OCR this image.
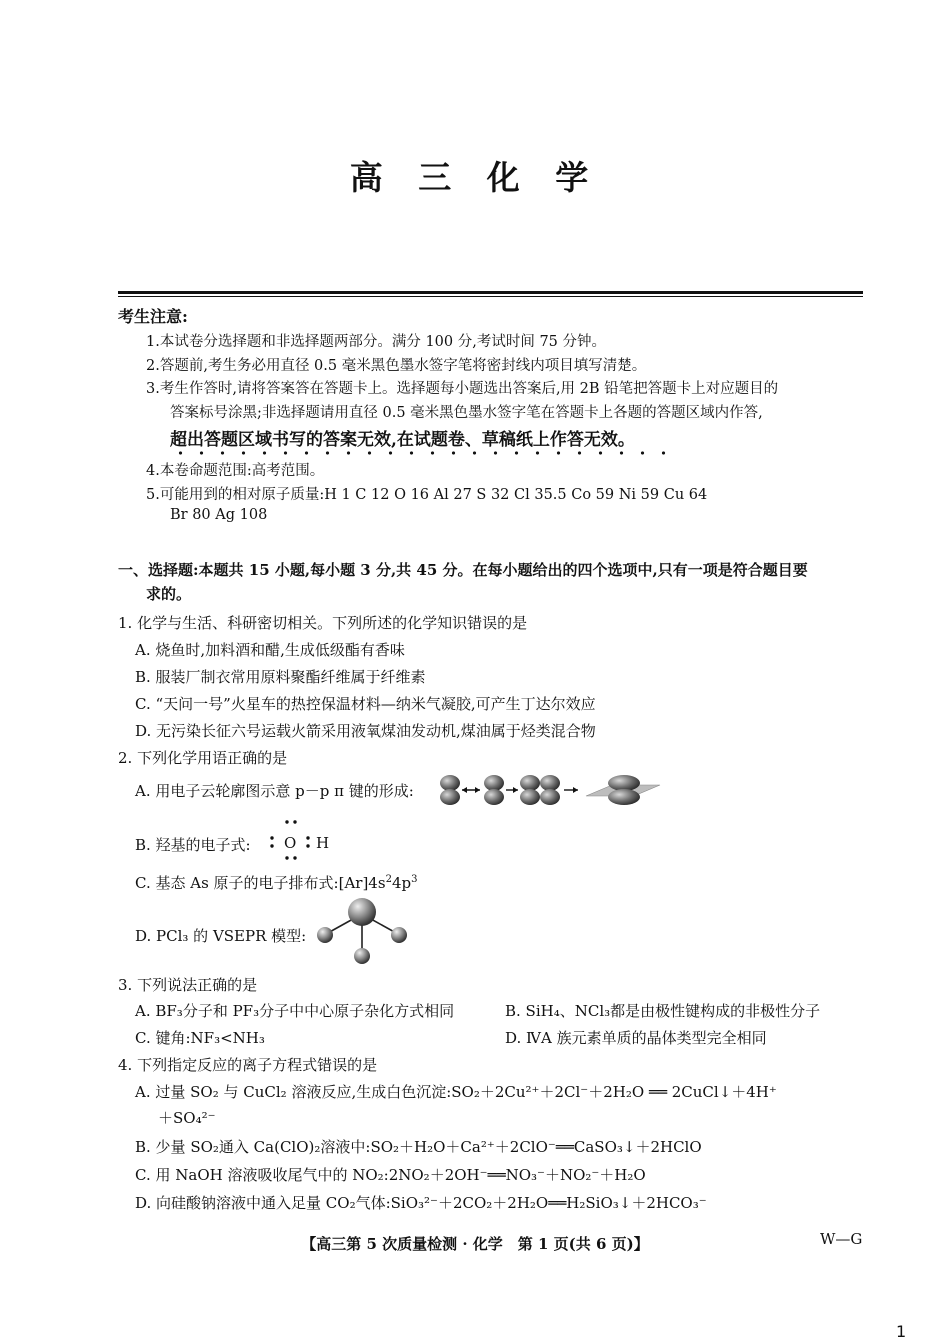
高 三 化 学
考生注意:
1.本试卷分选择题和非选择题两部分。满分 100 分,考试时间 75 分钟。
2.答题前,考生务必用直径 0.5 毫米黑色墨水签字笔将密封线内项目填写清楚。
3.考生作答时,请将答案答在答题卡上。选择题每小题选出答案后,用 2B 铅笔把答题卡上对应题目的
答案标号涂黑;非选择题请用直径 0.5 毫米黑色墨水签字笔在答题卡上各题的答题区域内作答,
超出答题区域书写的答案无效,在试题卷、草稿纸上作答无效。
4.本卷命题范围:高考范围。
5.可能用到的相对原子质量:H 1 C 12 O 16 Al 27 S 32 Cl 35.5 Co 59 Ni 59 Cu 64
Br 80 Ag 108
一、选择题:本题共 15 小题,每小题 3 分,共 45 分。在每小题给出的四个选项中,只有一项是符合题目要
求的。
1. 化学与生活、科研密切相关。下列所述的化学知识错误的是
A. 烧鱼时,加料酒和醋,生成低级酯有香味
B. 服装厂制衣常用原料聚酯纤维属于纤维素
C. “天问一号”火星车的热控保温材料—纳米气凝胶,可产生丁达尔效应
D. 无污染长征六号运载火箭采用液氧煤油发动机,煤油属于烃类混合物
2. 下列化学用语正确的是
A. 用电子云轮廓图示意 p－p π 键的形成:
B. 羟基的电子式: O H
C. 基态 As 原子的电子排布式$:[Ar]4s^24p^3$
D. PCl₃ 的 VSEPR 模型:
3. 下列说法正确的是
A. BF₃分子和 PF₃分子中中心原子杂化方式相同	B. SiH₄、NCl₃都是由极性键构成的非极性分子
C. 键角:NF₃<NH₃	D. ⅣA 族元素单质的晶体类型完全相同
4. 下列指定反应的离子方程式错误的是
A. 过量 SO₂ 与 CuCl₂ 溶液反应,生成白色沉淀:SO₂＋2Cu²⁺＋2Cl⁻＋2H₂O ══ 2CuCl↓＋4H⁺
＋SO₄²⁻
B. 少量 SO₂通入 Ca(ClO)₂溶液中:SO₂＋H₂O＋Ca²⁺＋2ClO⁻══CaSO₃↓＋2HClO
C. 用 NaOH 溶液吸收尾气中的 NO₂:2NO₂＋2OH⁻══NO₃⁻＋NO₂⁻＋H₂O
D. 向硅酸钠溶液中通入足量 CO₂气体:SiO₃²⁻＋2CO₂＋2H₂O══H₂SiO₃↓＋2HCO₃⁻
【高三第 5 次质量检测 · 化学　第 1 页(共 6 页)】	W—G
1
